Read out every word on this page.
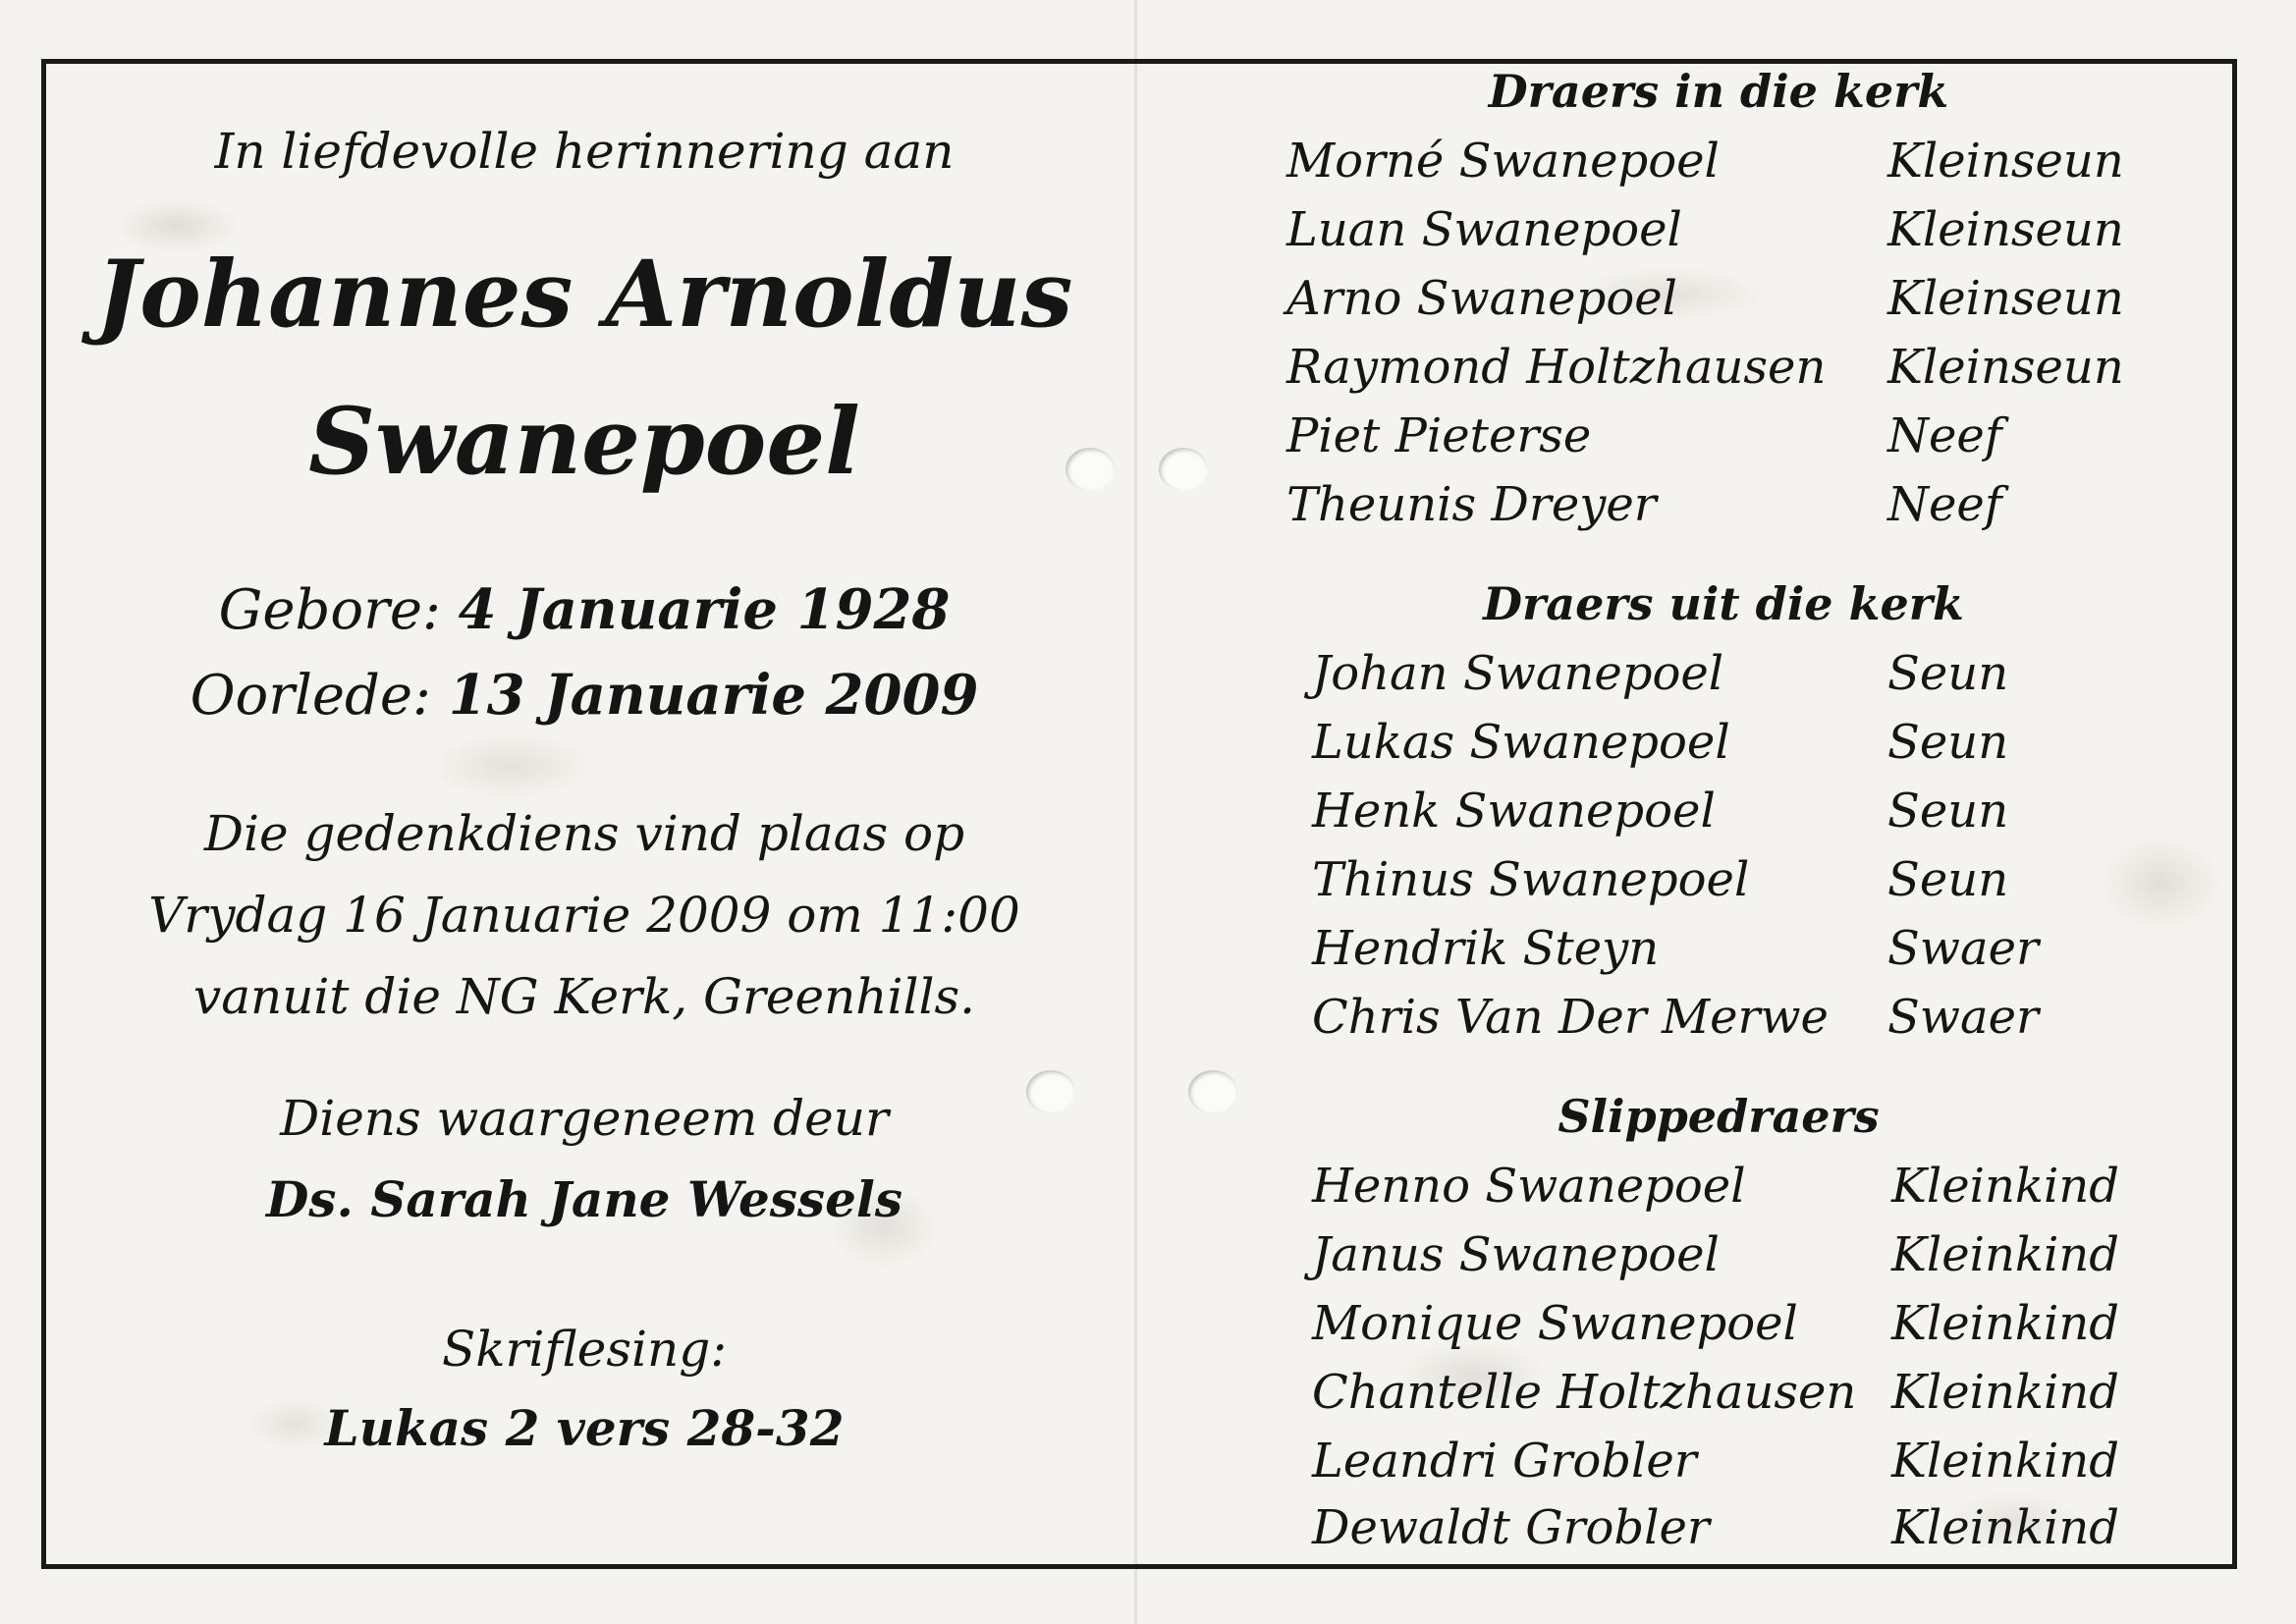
In liefdevolle herinnering aan
Johannes Arnoldus
Swanepoel
Gebore: 4 Januarie 1928
Oorlede: 13 Januarie 2009
Die gedenkdiens vind plaas op
Vrydag 16 Januarie 2009 om 11:00
vanuit die NG Kerk, Greenhills.
Diens waargeneem deur
Ds. Sarah Jane Wessels
Skriflesing:
Lukas 2 vers 28-32
Draers in die kerk
Morné Swanepoel	Kleinseun
Luan Swanepoel	Kleinseun
Arno Swanepoel	Kleinseun
Raymond Holtzhausen Kleinseun
Piet Pieterse	Neef
Theunis Dreyer	Neef
Draers uit die kerk
Johan Swanepoel	Seun
Lukas Swanepoel	Seun
Henk Swanepoel	Seun
Thinus Swanepoel	Seun
Hendrik Steyn	Swaer
Chris Van Der Merwe Swaer
Slippedraers
Henno Swanepoel	Kleinkind
Janus Swanepoel	Kleinkind
Monique Swanepoel Kleinkind
Chantelle Holtzhausen Kleinkind
Leandri Grobler	Kleinkind
Dewaldt Grobler	Kleinkind
